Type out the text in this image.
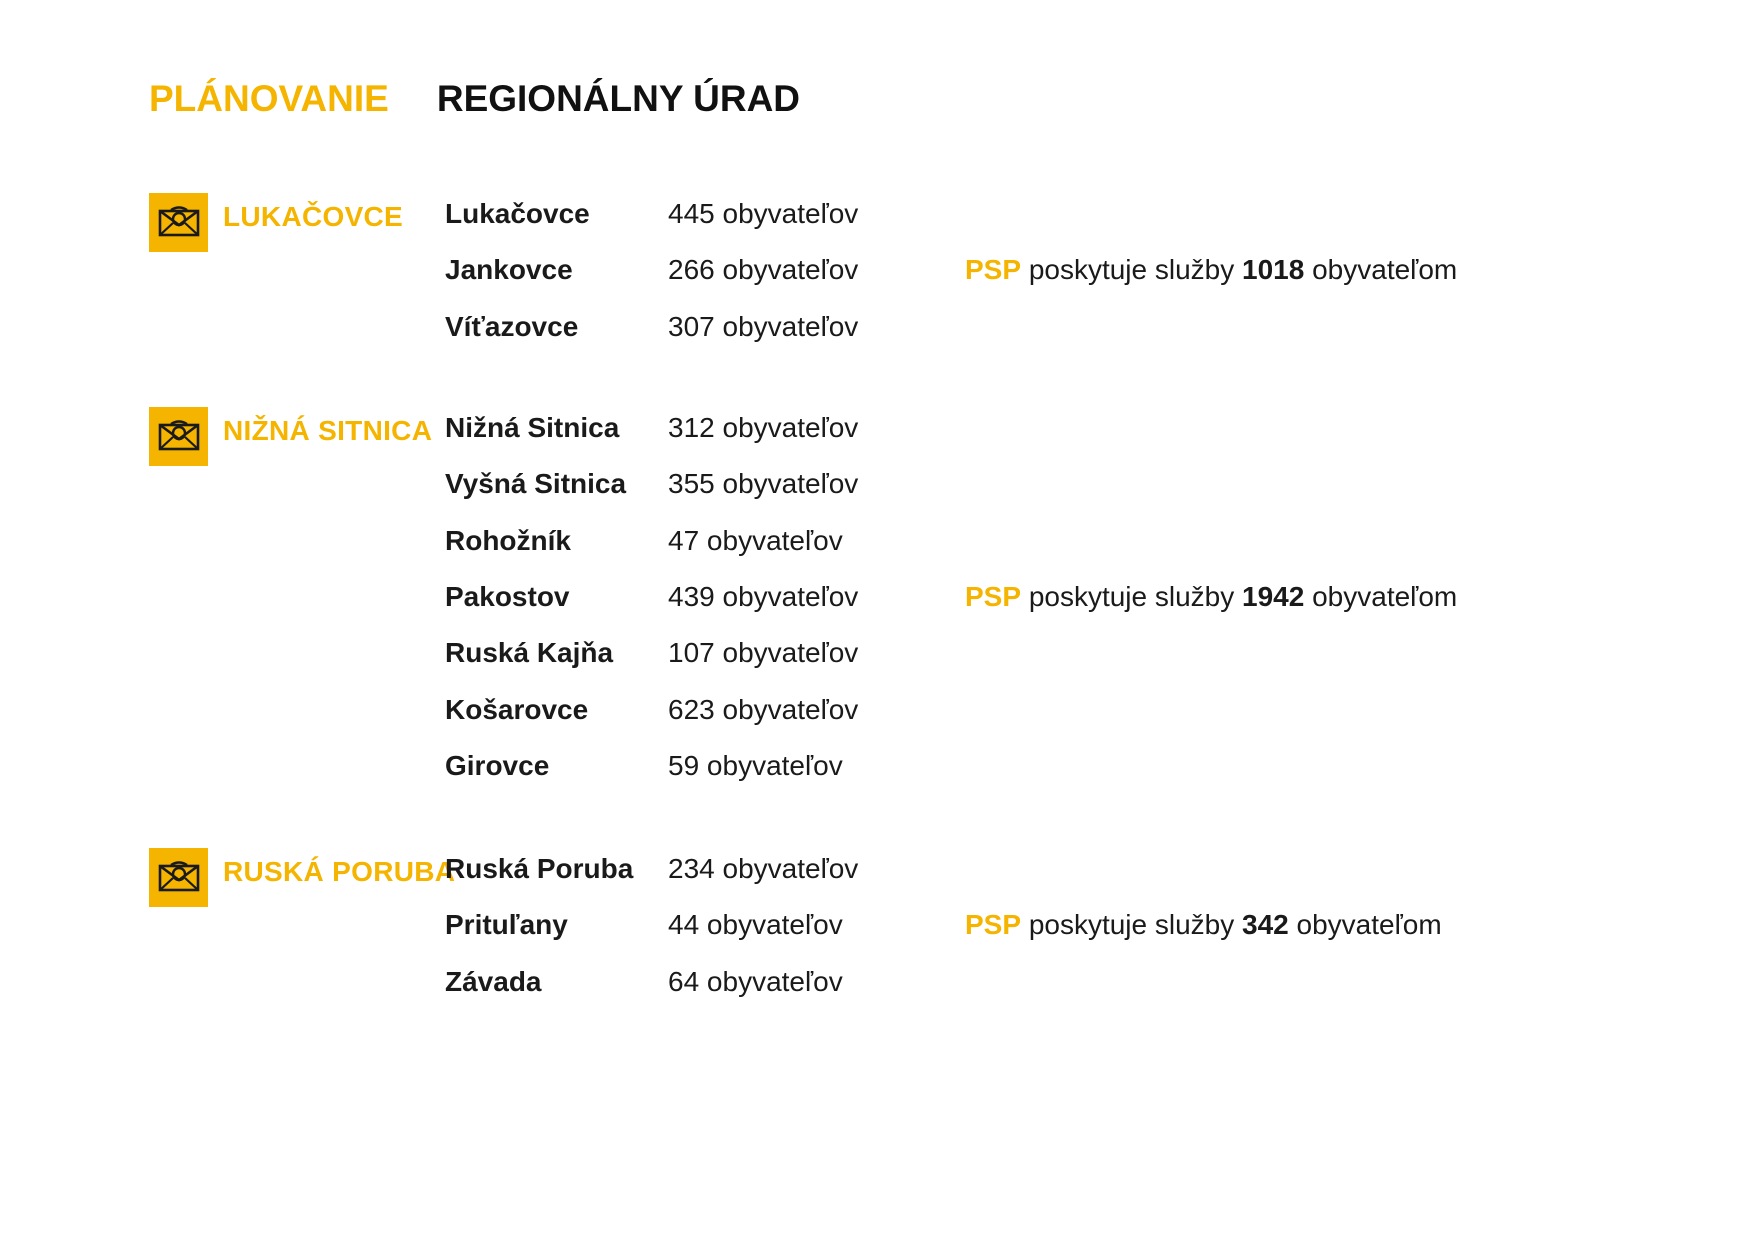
PLÁNOVANIE REGIONÁLNY ÚRAD
LUKAČOVCE Lukačovce	445 obyvateľov
Jankovce	266 obyvateľov	PSP poskytuje služby 1018 obyvateľom
Víťazovce	307 obyvateľov
NIŽNÁ SITNICA Nižná Sitnica 312 obyvateľov
Vyšná Sitnica 355 obyvateľov
Rohožník	47 obyvateľov
Pakostov	439 obyvateľov	PSP poskytuje služby 1942 obyvateľom
Ruská Kajňa 107 obyvateľov
Košarovce	623 obyvateľov
Girovce	59 obyvateľov
RUSKÁ PORUBA
Ruská Poruba 234 obyvateľov
Prituľany	44 obyvateľov	PSP poskytuje služby 342 obyvateľom
Závada	64 obyvateľov
